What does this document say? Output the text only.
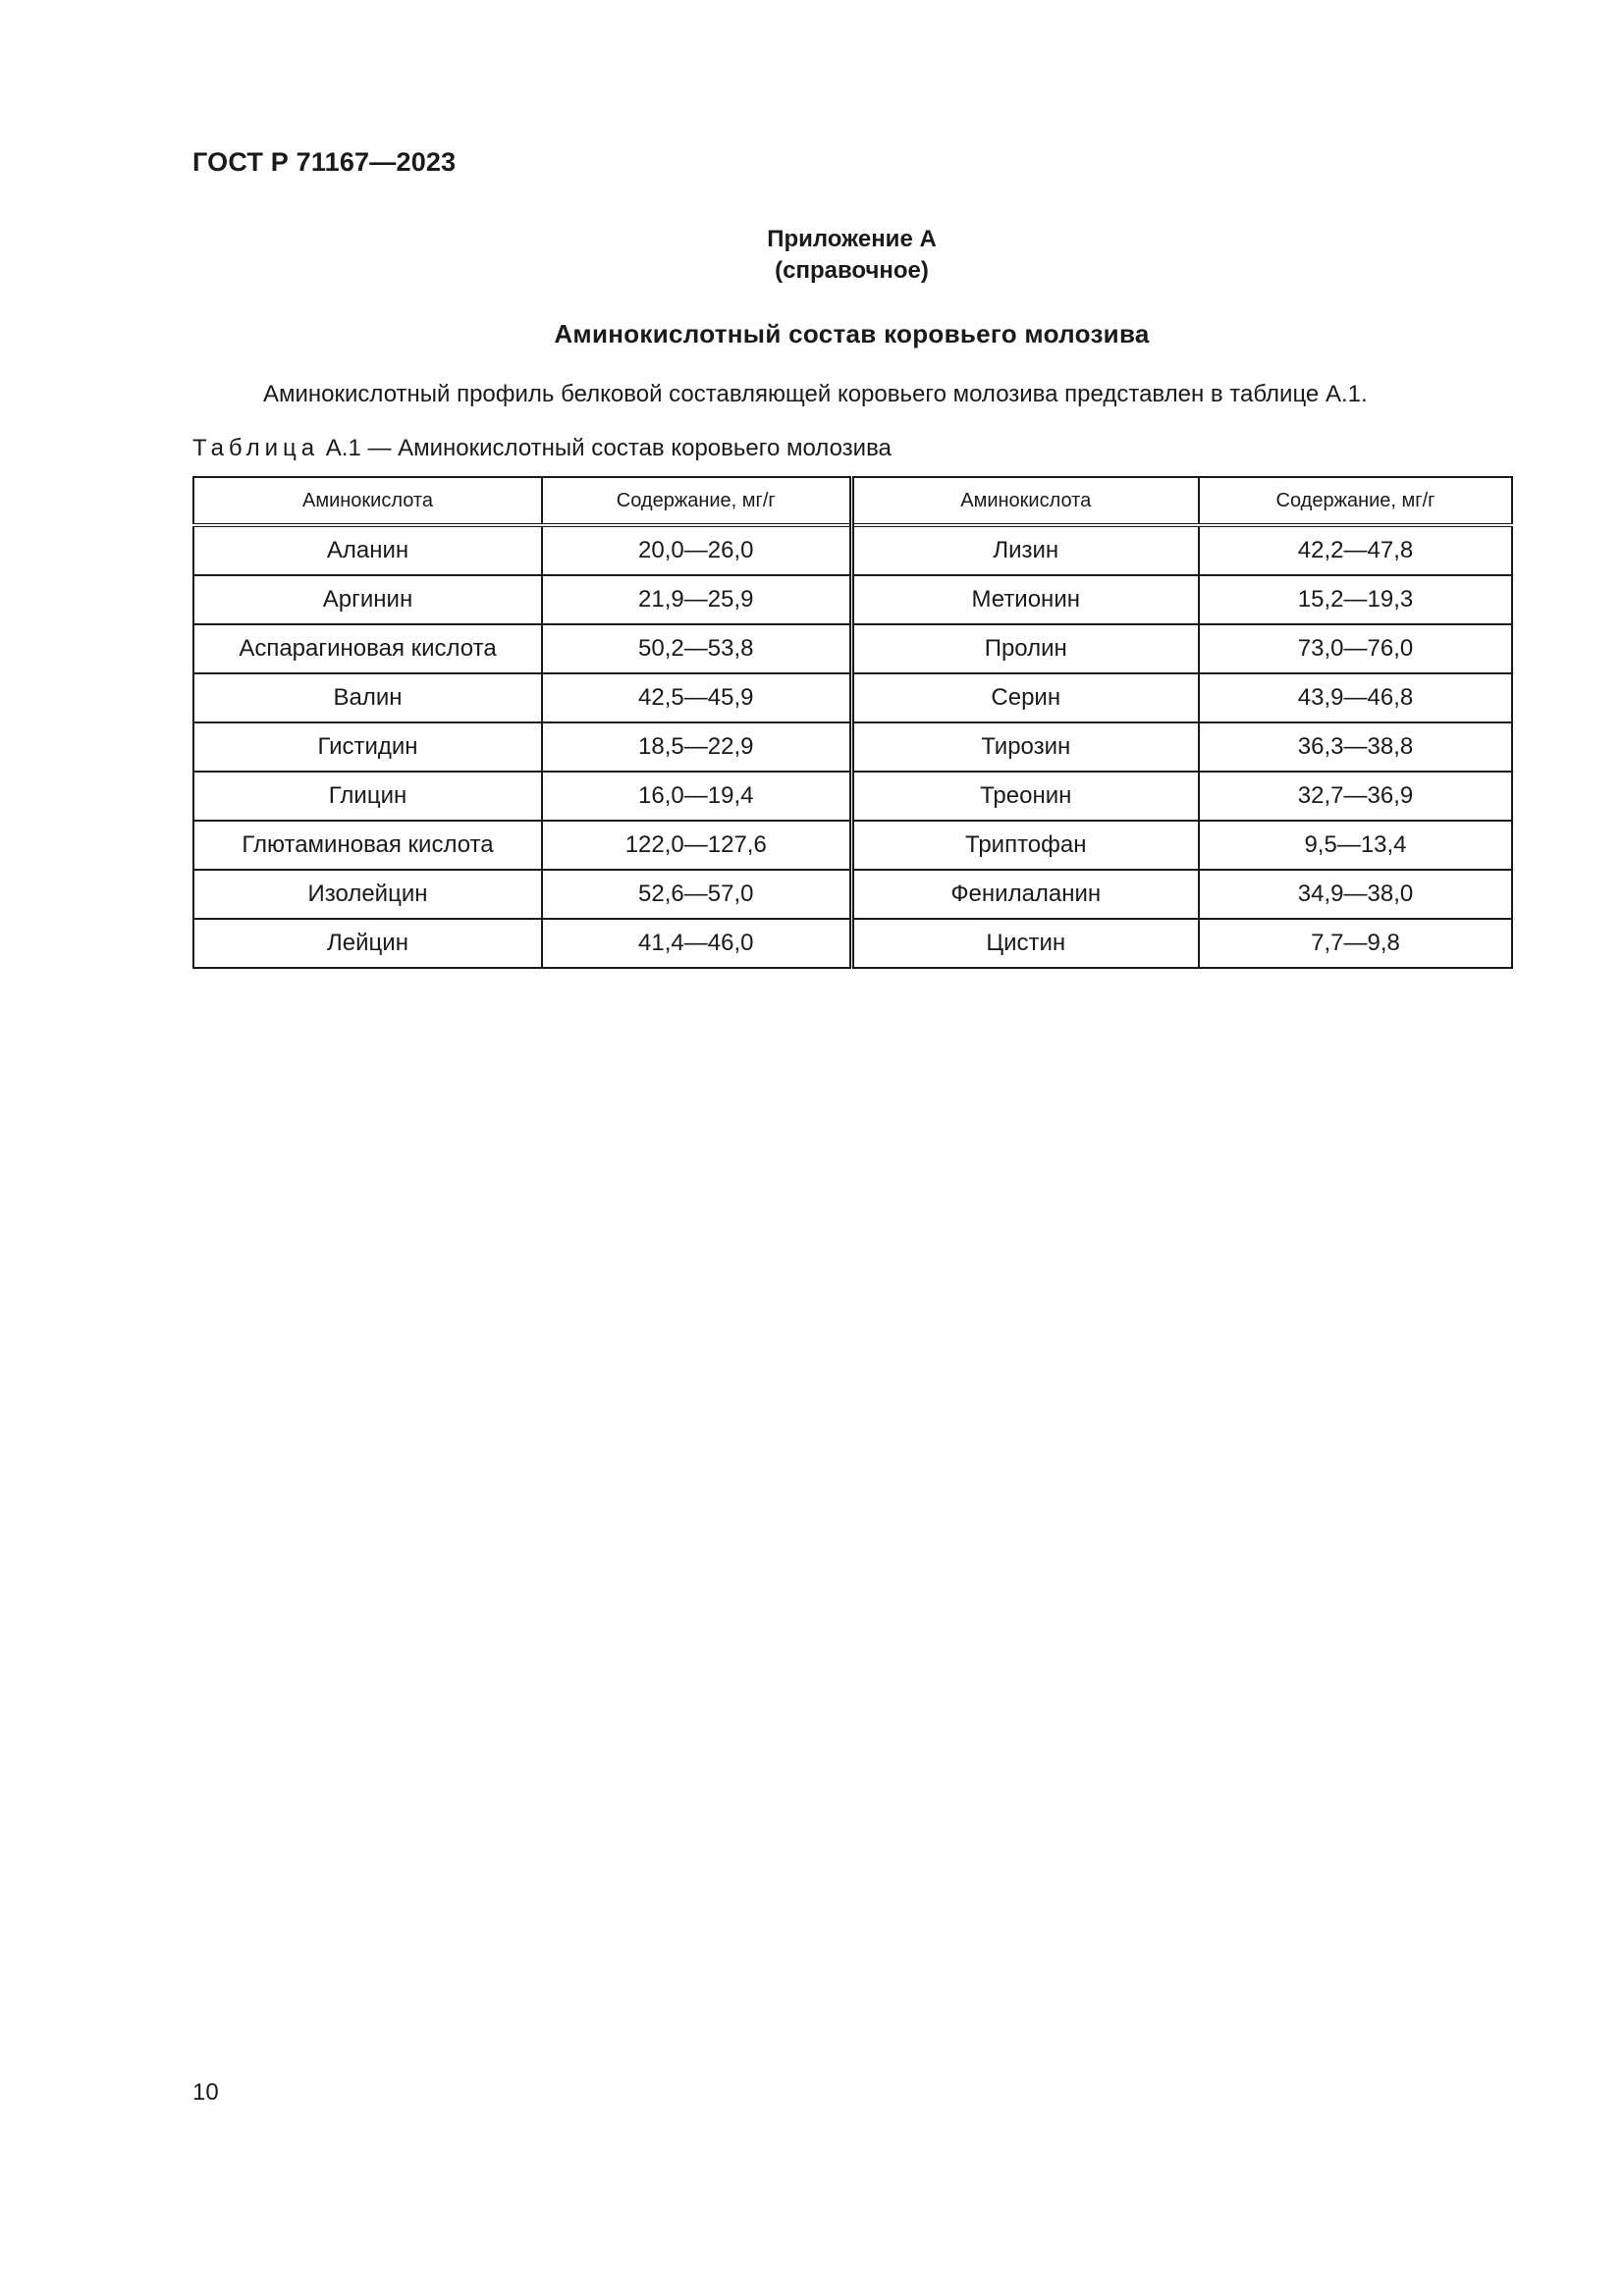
ГОСТ Р 71167—2023
Приложение А
(справочное)
Аминокислотный состав коровьего молозива
Аминокислотный профиль белковой составляющей коровьего молозива представлен в таблице А.1.
Таблица А.1 — Аминокислотный состав коровьего молозива
Аминокислота	Содержание, мг/г	Аминокислота	Содержание, мг/г
Аланин	20,0—26,0	Лизин	42,2—47,8
Аргинин	21,9—25,9	Метионин	15,2—19,3
Аспарагиновая кислота	50,2—53,8	Пролин	73,0—76,0
Валин	42,5—45,9	Серин	43,9—46,8
Гистидин	18,5—22,9	Тирозин	36,3—38,8
Глицин	16,0—19,4	Треонин	32,7—36,9
Глютаминовая кислота	122,0—127,6	Триптофан	9,5—13,4
Изолейцин	52,6—57,0	Фенилаланин	34,9—38,0
Лейцин	41,4—46,0	Цистин	7,7—9,8
10
